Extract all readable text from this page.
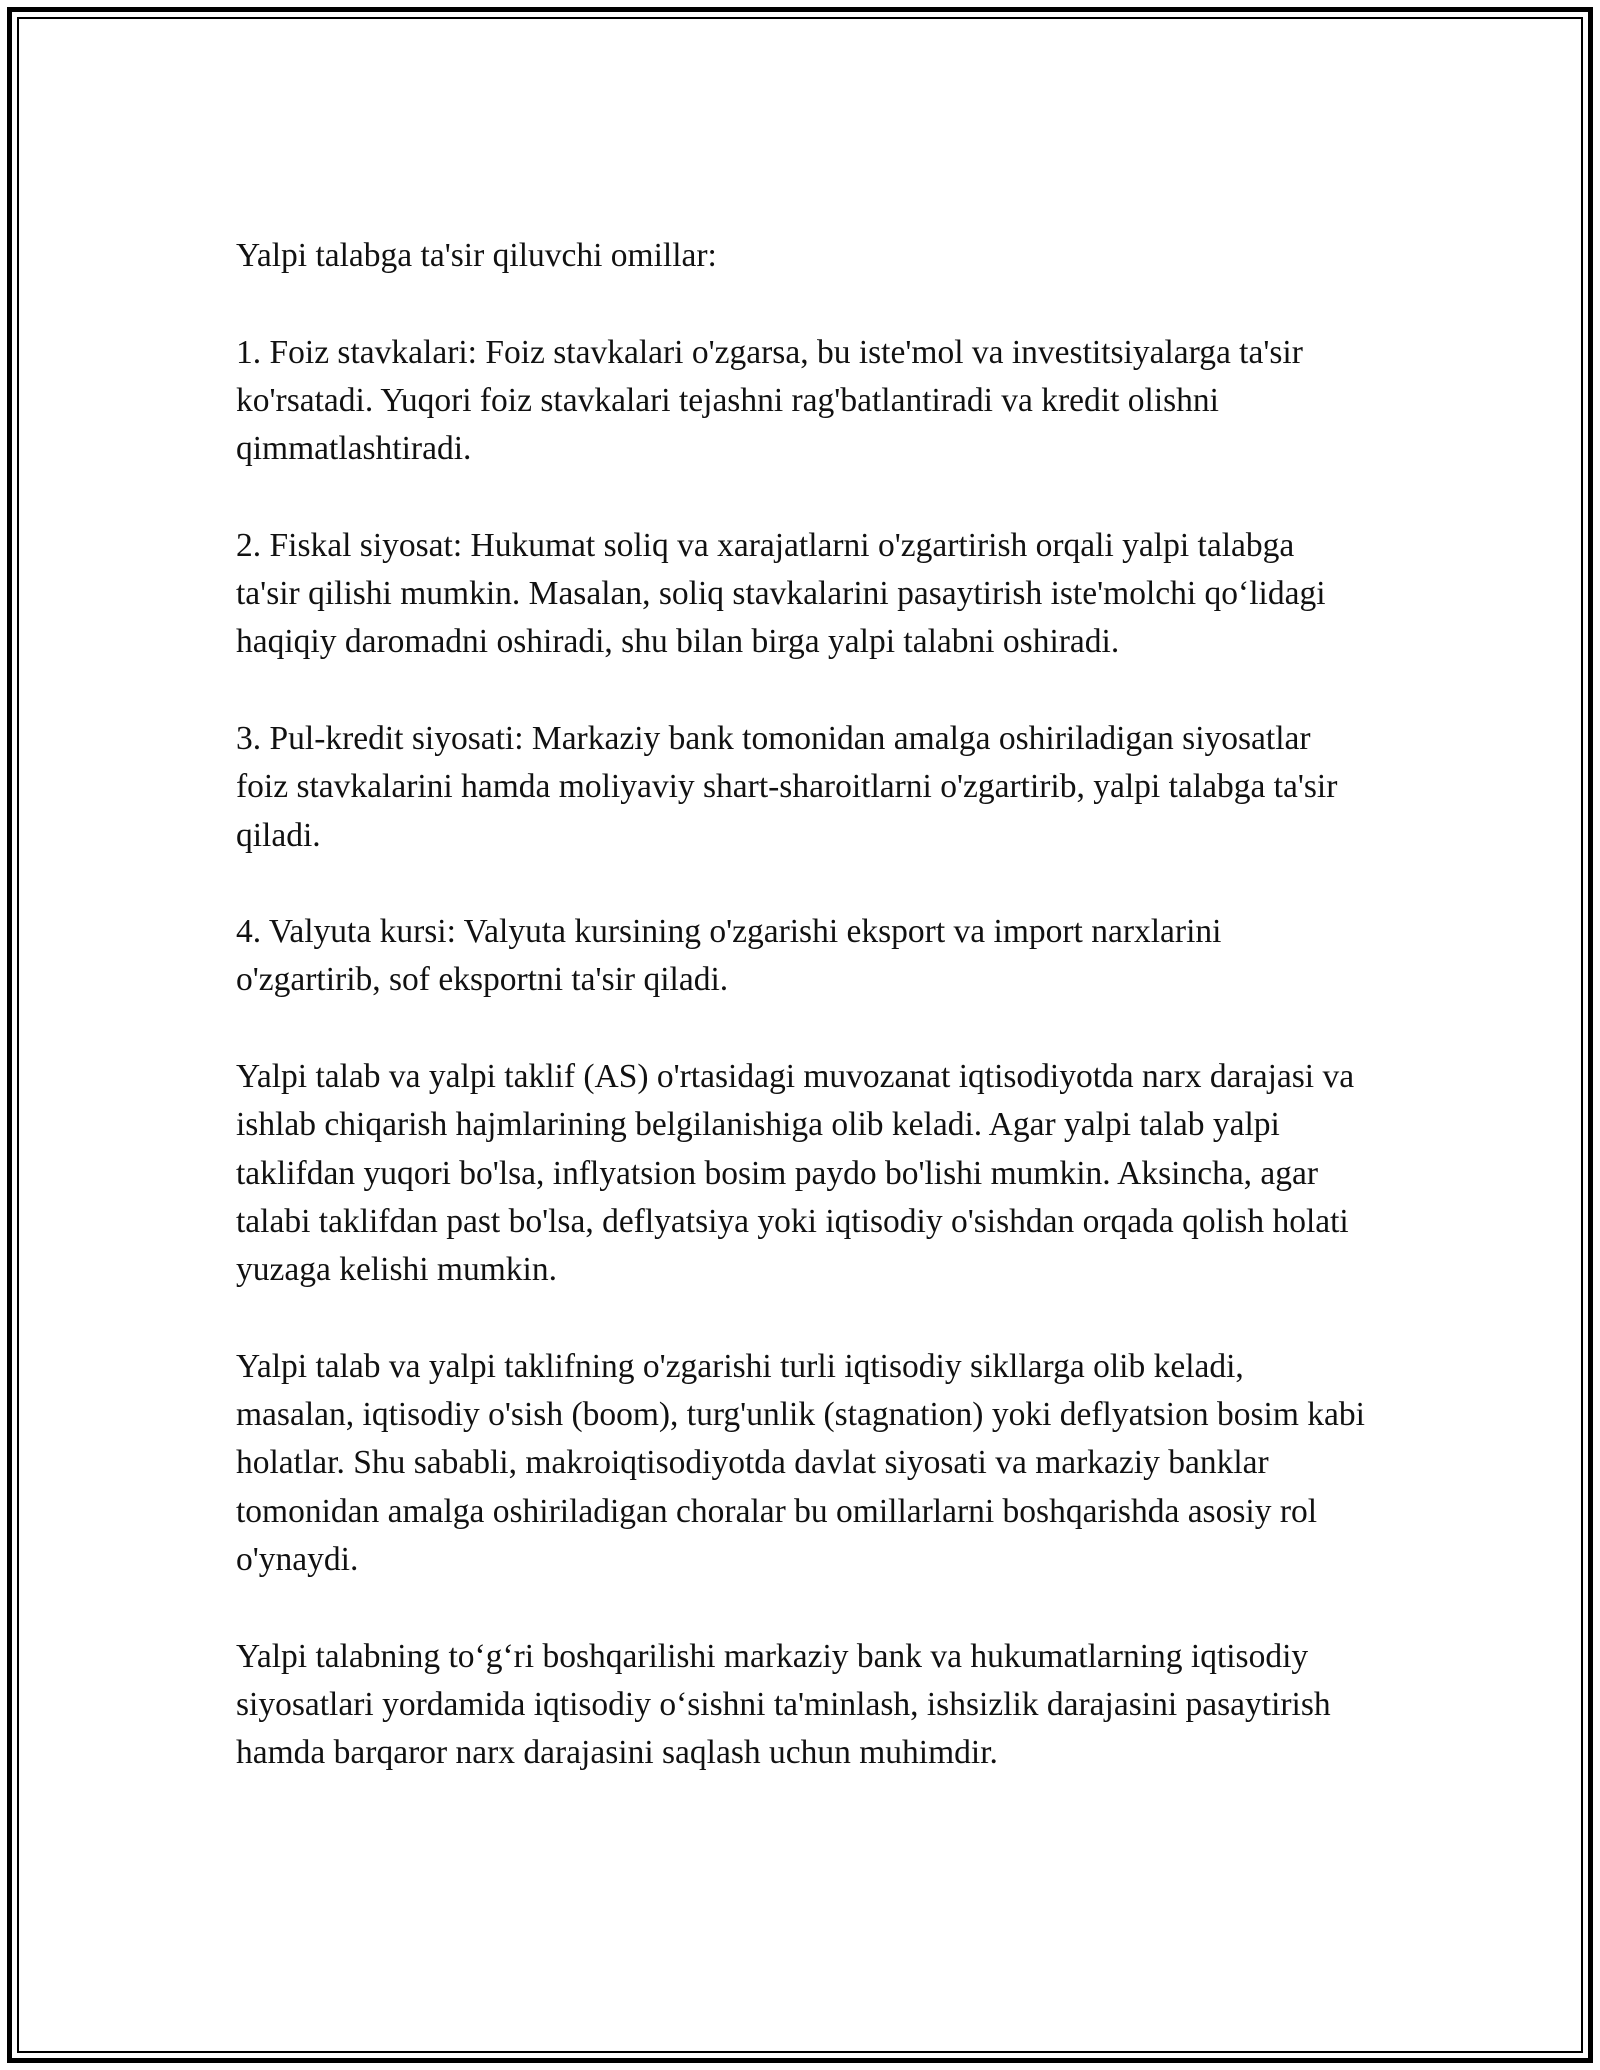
Yalpi talabga ta'sir qiluvchi omillar:

1. Foiz stavkalari: Foiz stavkalari o'zgarsa, bu iste'mol va investitsiyalarga ta'sir ko'rsatadi. Yuqori foiz stavkalari tejashni rag'batlantiradi va kredit olishni qimmatlashtiradi.

2. Fiskal siyosat: Hukumat soliq va xarajatlarni o'zgartirish orqali yalpi talabga ta'sir qilishi mumkin. Masalan, soliq stavkalarini pasaytirish iste'molchi qo‘lidagi haqiqiy daromadni oshiradi, shu bilan birga yalpi talabni oshiradi.

3. Pul-kredit siyosati: Markaziy bank tomonidan amalga oshiriladigan siyosatlar foiz stavkalarini hamda moliyaviy shart-sharoitlarni o'zgartirib, yalpi talabga ta'sir qiladi.

4. Valyuta kursi: Valyuta kursining o'zgarishi eksport va import narxlarini o'zgartirib, sof eksportni ta'sir qiladi.

Yalpi talab va yalpi taklif (AS) o'rtasidagi muvozanat iqtisodiyotda narx darajasi va ishlab chiqarish hajmlarining belgilanishiga olib keladi. Agar yalpi talab yalpi taklifdan yuqori bo'lsa, inflyatsion bosim paydo bo'lishi mumkin. Aksincha, agar talabi taklifdan past bo'lsa, deflyatsiya yoki iqtisodiy o'sishdan orqada qolish holati yuzaga kelishi mumkin.

Yalpi talab va yalpi taklifning o'zgarishi turli iqtisodiy sikllarga olib keladi, masalan, iqtisodiy o'sish (boom), turg'unlik (stagnation) yoki deflyatsion bosim kabi holatlar. Shu sababli, makroiqtisodiyotda davlat siyosati va markaziy banklar tomonidan amalga oshiriladigan choralar bu omillarlarni boshqarishda asosiy rol o'ynaydi.

Yalpi talabning to‘g‘ri boshqarilishi markaziy bank va hukumatlarning iqtisodiy siyosatlari yordamida iqtisodiy o‘sishni ta'minlash, ishsizlik darajasini pasaytirish hamda barqaror narx darajasini saqlash uchun muhimdir.
